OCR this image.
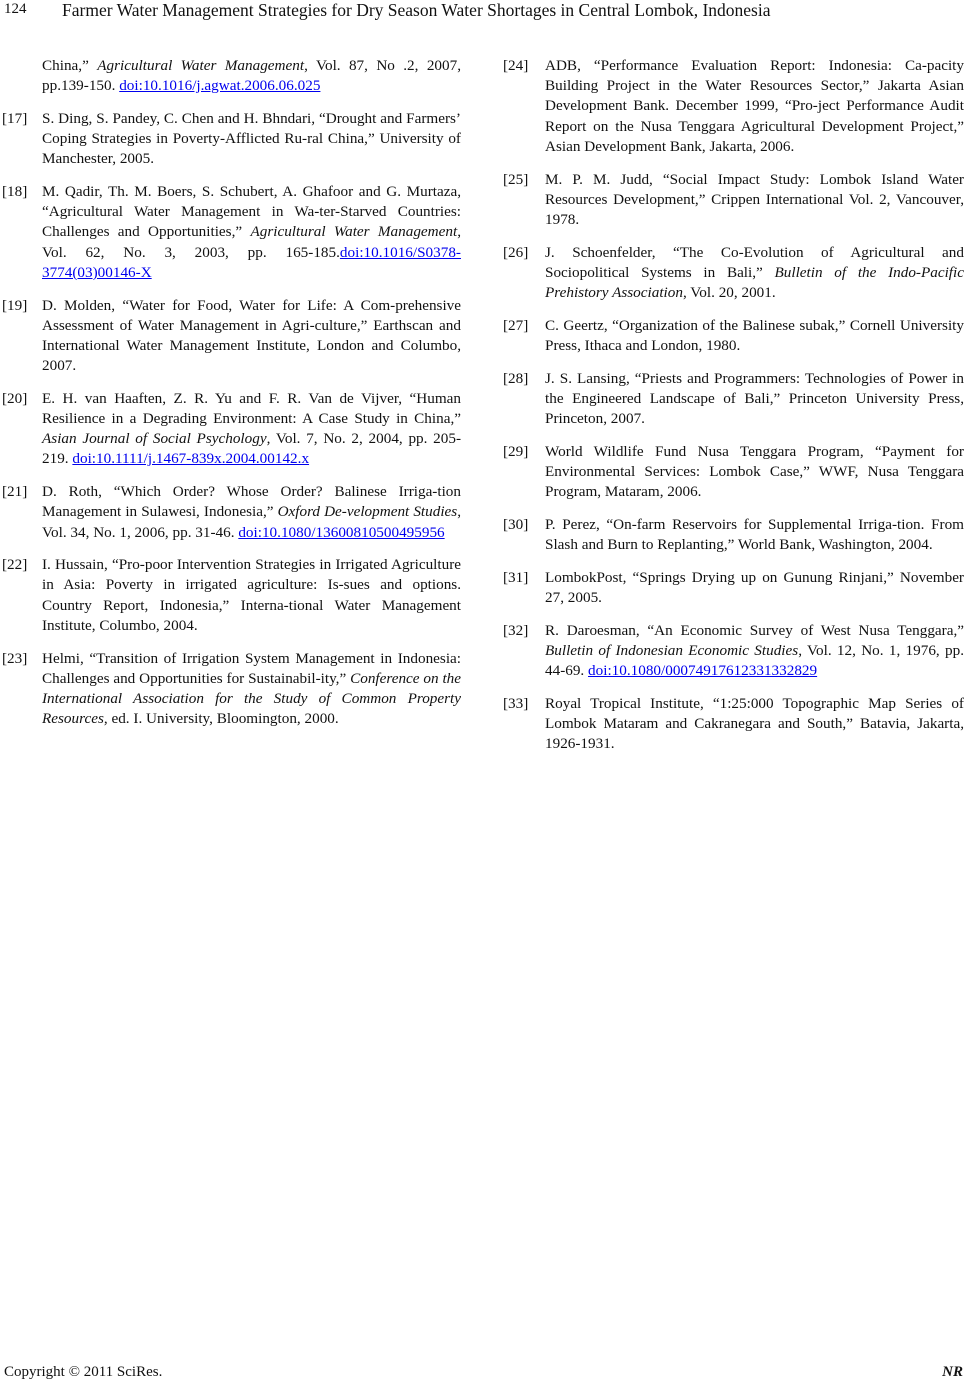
124 Farmer Water Management Strategies for Dry Season Water Shortages in Central Lombok, Indonesia
China,” Agricultural Water Management, Vol. 87, No .2, 2007, pp.139-150. doi:10.1016/j.agwat.2006.06.025
[17] S. Ding, S. Pandey, C. Chen and H. Bhndari, “Drought and Farmers’ Coping Strategies in Poverty-Afflicted Ru-ral China,” University of Manchester, 2005.
[18] M. Qadir, Th. M. Boers, S. Schubert, A. Ghafoor and G. Murtaza, “Agricultural Water Management in Wa-ter-Starved Countries: Challenges and Opportunities,” Agricultural Water Management, Vol. 62, No. 3, 2003, pp. 165-185.doi:10.1016/S0378-3774(03)00146-X
[19] D. Molden, “Water for Food, Water for Life: A Com-prehensive Assessment of Water Management in Agri-culture,” Earthscan and International Water Management Institute, London and Columbo, 2007.
[20] E. H. van Haaften, Z. R. Yu and F. R. Van de Vijver, “Human Resilience in a Degrading Environment: A Case Study in China,” Asian Journal of Social Psychology, Vol. 7, No. 2, 2004, pp. 205-219. doi:10.1111/j.1467-839x.2004.00142.x
[21] D. Roth, “Which Order? Whose Order? Balinese Irriga-tion Management in Sulawesi, Indonesia,” Oxford De-velopment Studies, Vol. 34, No. 1, 2006, pp. 31-46. doi:10.1080/13600810500495956
[22] I. Hussain, “Pro-poor Intervention Strategies in Irrigated Agriculture in Asia: Poverty in irrigated agriculture: Is-sues and options. Country Report, Indonesia,” Interna-tional Water Management Institute, Columbo, 2004.
[23] Helmi, “Transition of Irrigation System Management in Indonesia: Challenges and Opportunities for Sustainabil-ity,” Conference on the International Association for the Study of Common Property Resources, ed. I. University, Bloomington, 2000.
[24] ADB, “Performance Evaluation Report: Indonesia: Ca-pacity Building Project in the Water Resources Sector,” Jakarta Asian Development Bank. December 1999, “Pro-ject Performance Audit Report on the Nusa Tenggara Agricultural Development Project,” Asian Development Bank, Jakarta, 2006.
[25] M. P. M. Judd, “Social Impact Study: Lombok Island Water Resources Development,” Crippen International Vol. 2, Vancouver, 1978.
[26] J. Schoenfelder, “The Co-Evolution of Agricultural and Sociopolitical Systems in Bali,” Bulletin of the Indo-Pacific Prehistory Association, Vol. 20, 2001.
[27] C. Geertz, “Organization of the Balinese subak,” Cornell University Press, Ithaca and London, 1980.
[28] J. S. Lansing, “Priests and Programmers: Technologies of Power in the Engineered Landscape of Bali,” Princeton University Press, Princeton, 2007.
[29] World Wildlife Fund Nusa Tenggara Program, “Payment for Environmental Services: Lombok Case,” WWF, Nusa Tenggara Program, Mataram, 2006.
[30] P. Perez, “On-farm Reservoirs for Supplemental Irriga-tion. From Slash and Burn to Replanting,” World Bank, Washington, 2004.
[31] LombokPost, “Springs Drying up on Gunung Rinjani,” November 27, 2005.
[32] R. Daroesman, “An Economic Survey of West Nusa Tenggara,” Bulletin of Indonesian Economic Studies, Vol. 12, No. 1, 1976, pp. 44-69. doi:10.1080/00074917612331332829
[33] Royal Tropical Institute, “1:25:000 Topographic Map Series of Lombok Mataram and Cakranegara and South,” Batavia, Jakarta, 1926-1931.
Copyright © 2011 SciRes.	NR
